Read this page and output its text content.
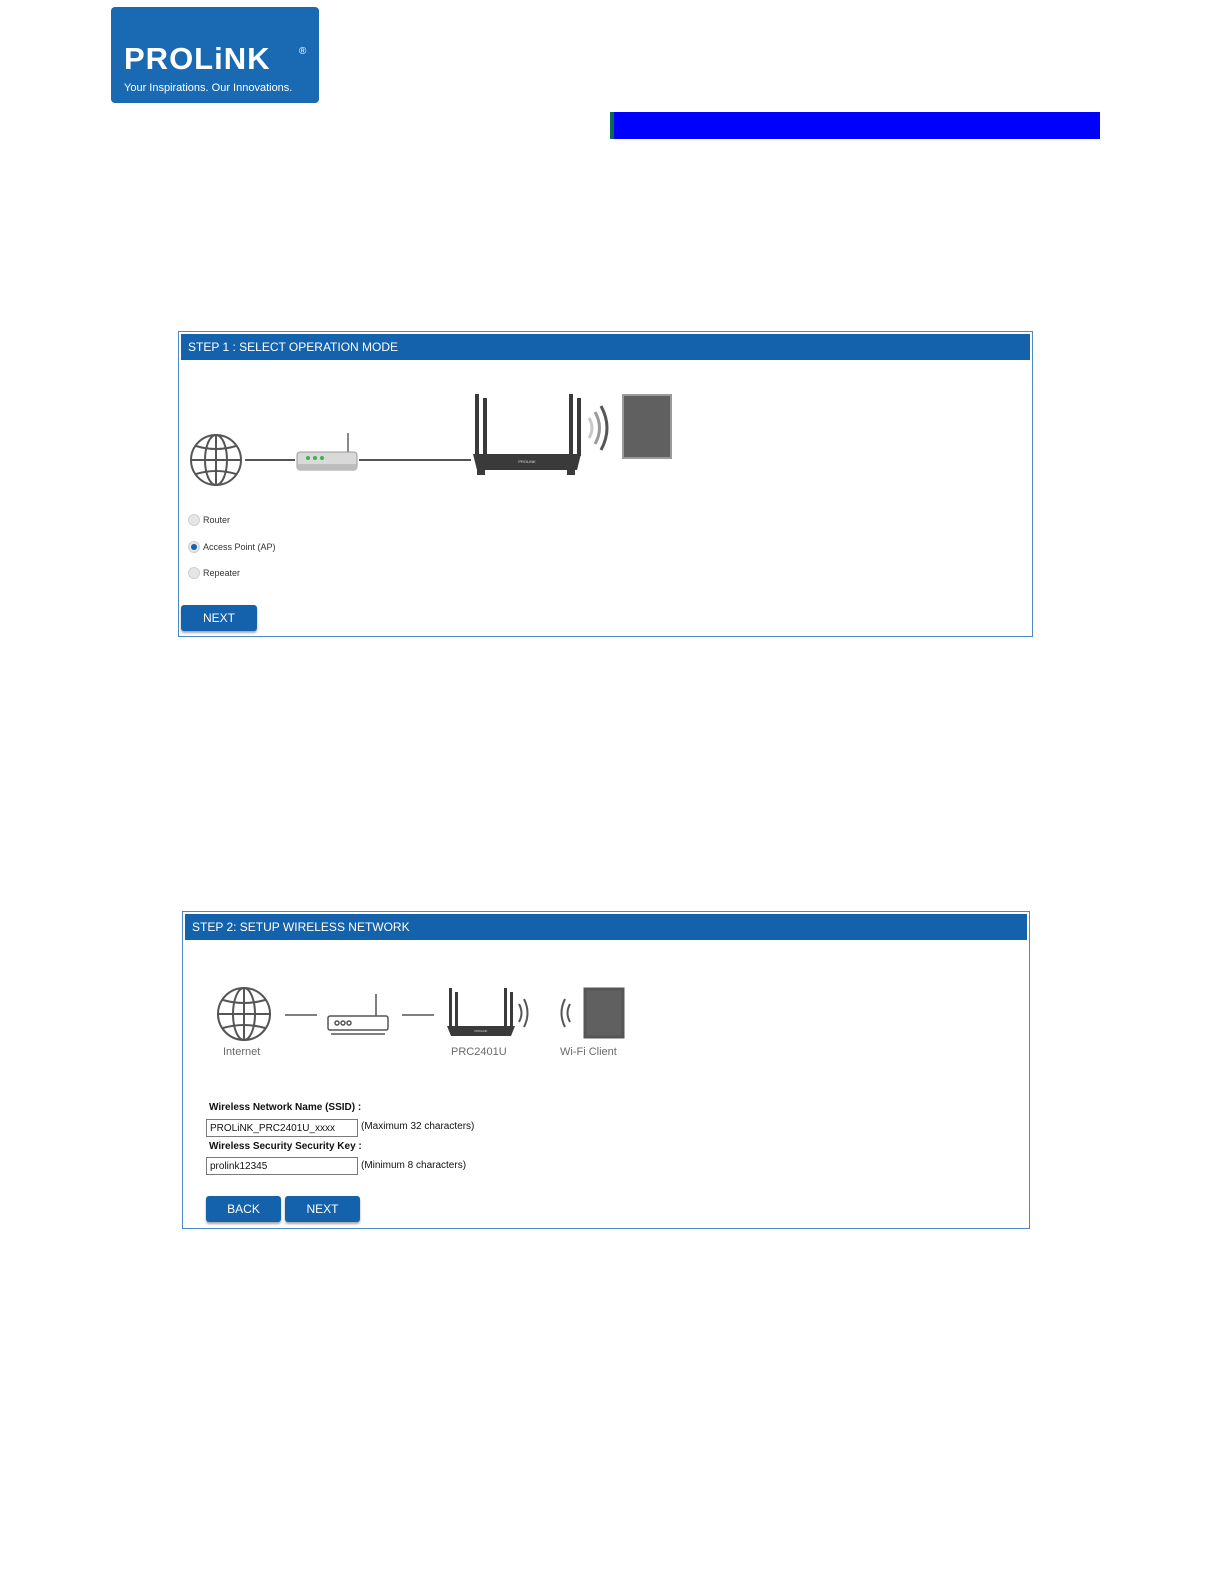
PROLiNK	®
Your Inspirations. Our Innovations.
STEP 1 : SELECT OPERATION MODE
PROLiNK
Router
Access Point (AP)
Repeater
NEXT
STEP 2: SETUP WIRELESS NETWORK
PROLiNK
Internet	PRC2401U	Wi-Fi Client
Wireless Network Name (SSID) :
PROLiNK_PRC2401U_xxxx
(Maximum 32 characters)
Wireless Security Security Key :
prolink12345
(Minimum 8 characters)
BACK	NEXT
